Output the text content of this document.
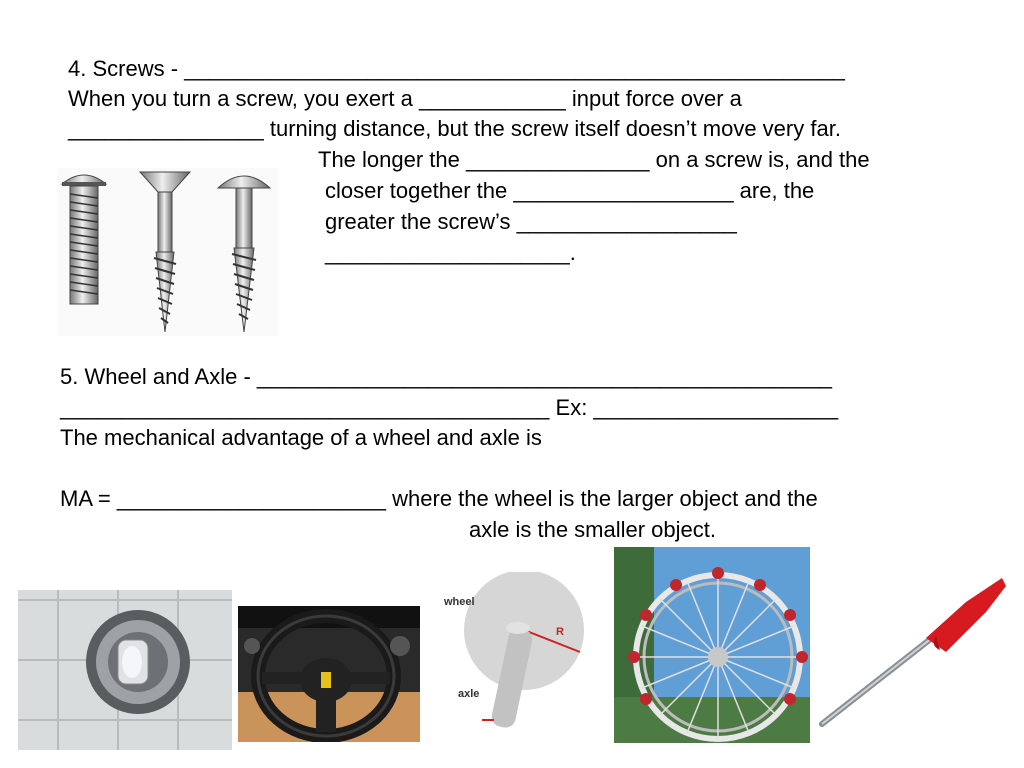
4. Screws - ______________________________________________________
When you turn a screw, you exert a ____________ input force over a
________________ turning distance, but the screw itself doesn’t move very far.
The longer the _______________ on a screw is, and the
closer together the __________________ are, the
greater the screw’s __________________
____________________.
5. Wheel and Axle - _______________________________________________
________________________________________ Ex: ____________________
The mechanical advantage of a wheel and axle is
MA = ______________________ where the wheel is the larger object and the
axle is the smaller object.
wheel
axle
R
